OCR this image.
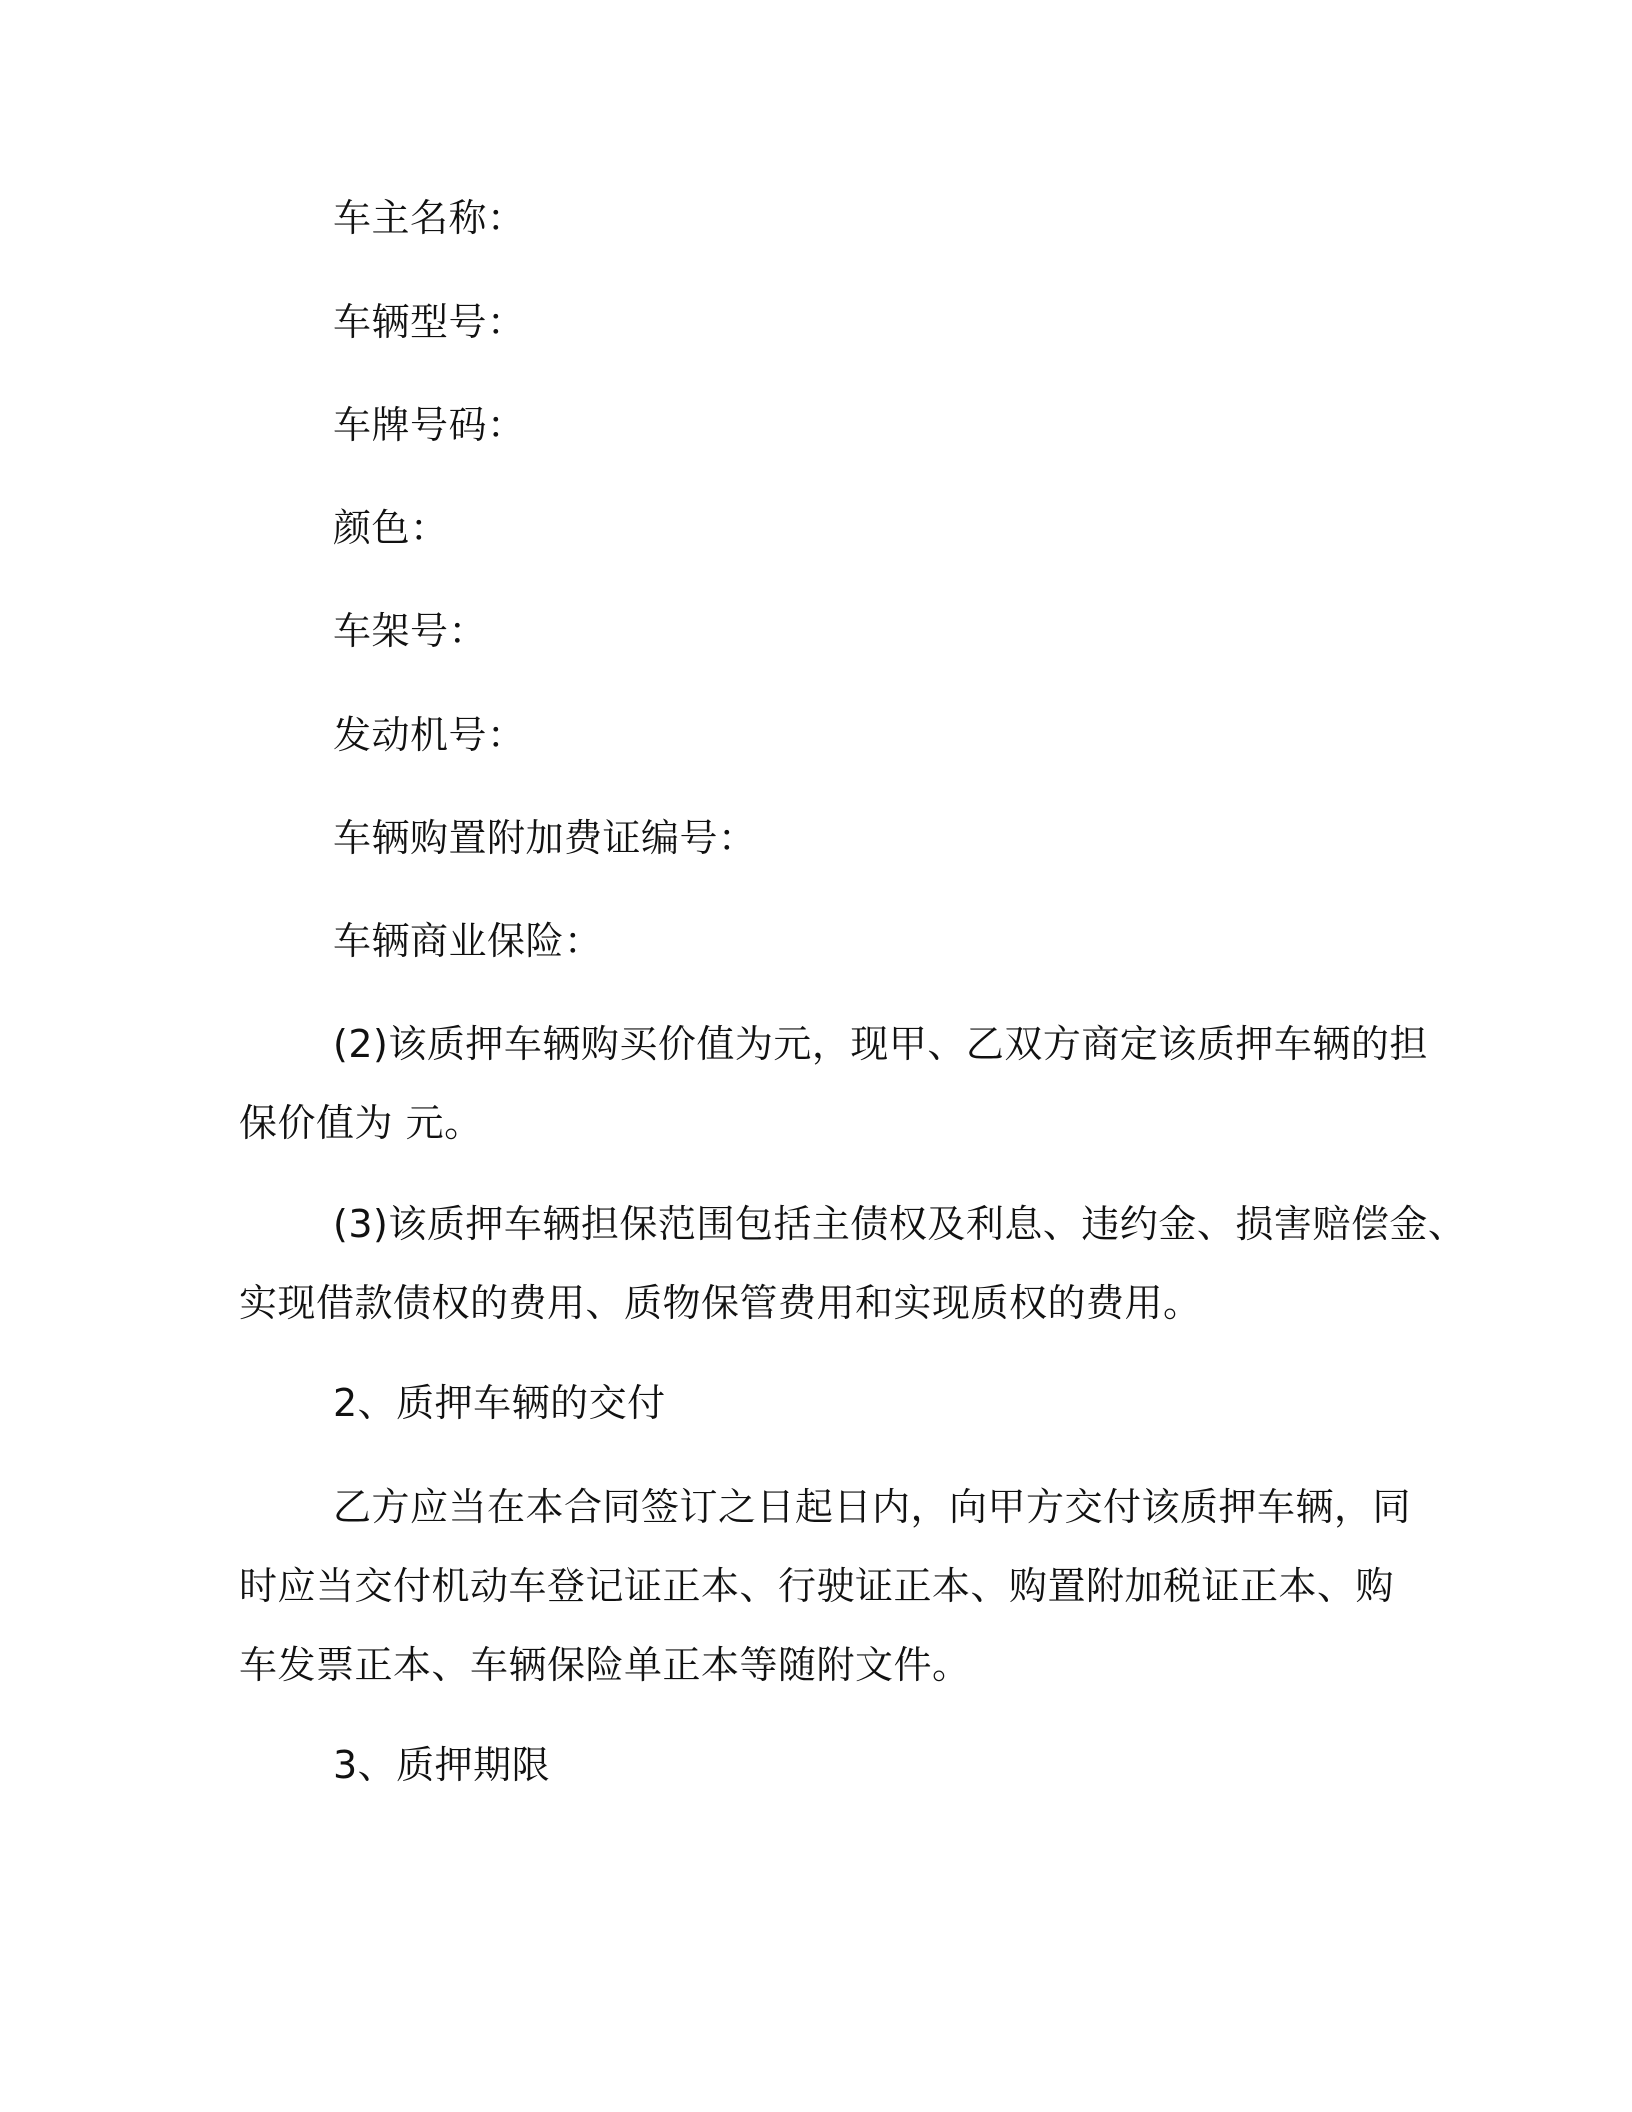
车主名称：
车辆型号：
车牌号码：
颜色：
车架号：
发动机号：
车辆购置附加费证编号：
车辆商业保险：
(2)该质押车辆购买价值为元，现甲、乙双方商定该质押车辆的担
保价值为 元。
(3)该质押车辆担保范围包括主债权及利息、违约金、损害赔偿金、
实现借款债权的费用、质物保管费用和实现质权的费用。
2、质押车辆的交付
乙方应当在本合同签订之日起日内，向甲方交付该质押车辆，同
时应当交付机动车登记证正本、行驶证正本、购置附加税证正本、购
车发票正本、车辆保险单正本等随附文件。
3、质押期限
